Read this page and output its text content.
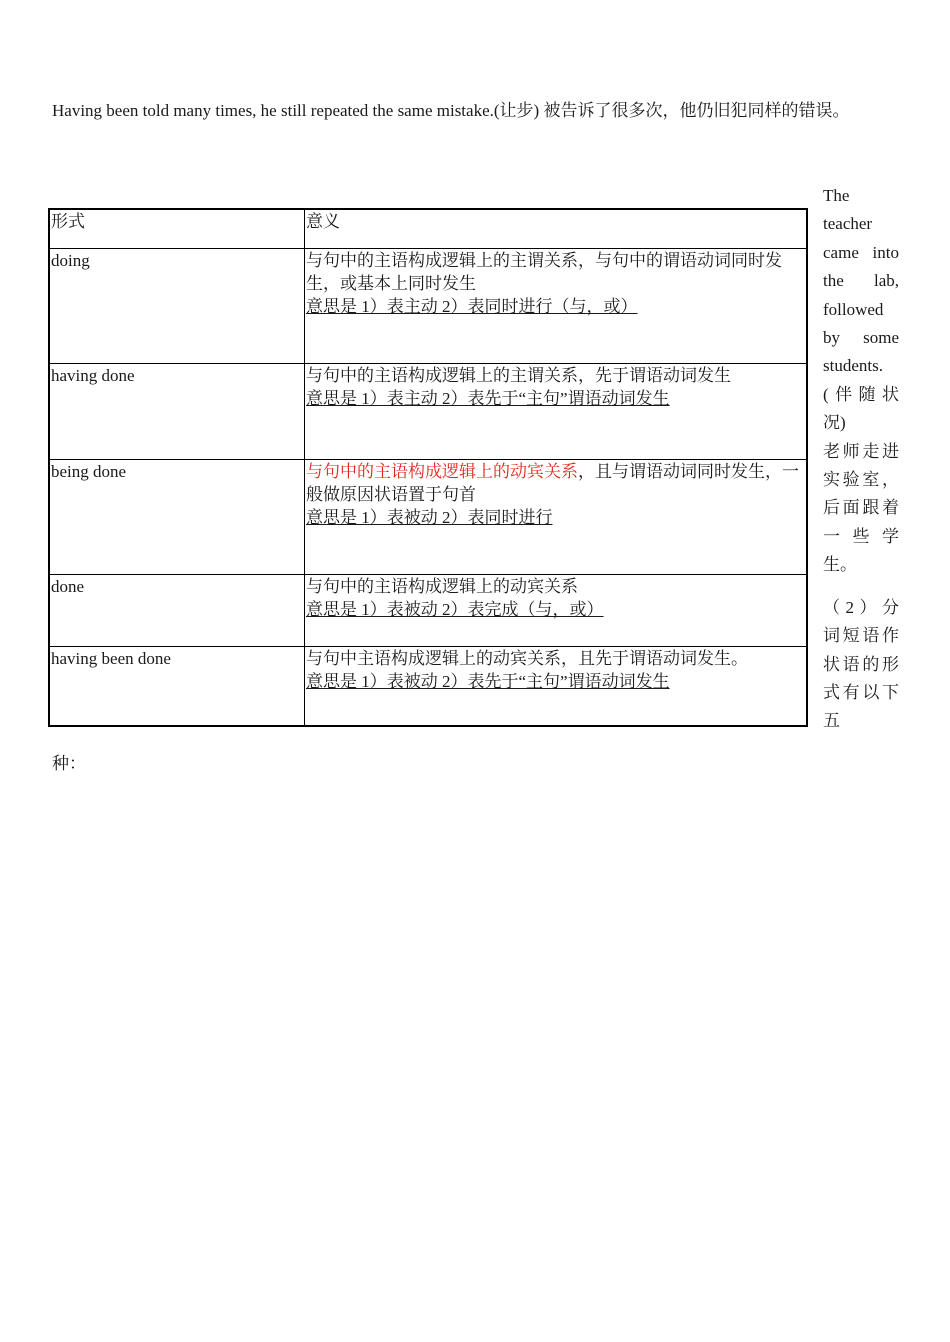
Having been told many times, he still repeated the same mistake.(让步) 被告诉了很多次，他仍旧犯同样的错误。

The teacher came into the lab, followed by some students.

(伴随状况)

老师走进实验室，后面跟着一些学生。

（2）分词短语作状语的形式有以下五

形式	意义
doing	与句中的主语构成逻辑上的主谓关系，与句中的谓语动词同时发生，或基本上同时发生
意思是 1）表主动 2）表同时进行（与，或）
having done	与句中的主语构成逻辑上的主谓关系，先于谓语动词发生
意思是 1）表主动 2）表先于“主句”谓语动词发生
being done	与句中的主语构成逻辑上的动宾关系，且与谓语动词同时发生，一般做原因状语置于句首
意思是 1）表被动 2）表同时进行
done	与句中的主语构成逻辑上的动宾关系
意思是 1）表被动 2）表完成（与，或）
having been done	与句中主语构成逻辑上的动宾关系，且先于谓语动词发生。
意思是 1）表被动 2）表先于“主句”谓语动词发生
种：
